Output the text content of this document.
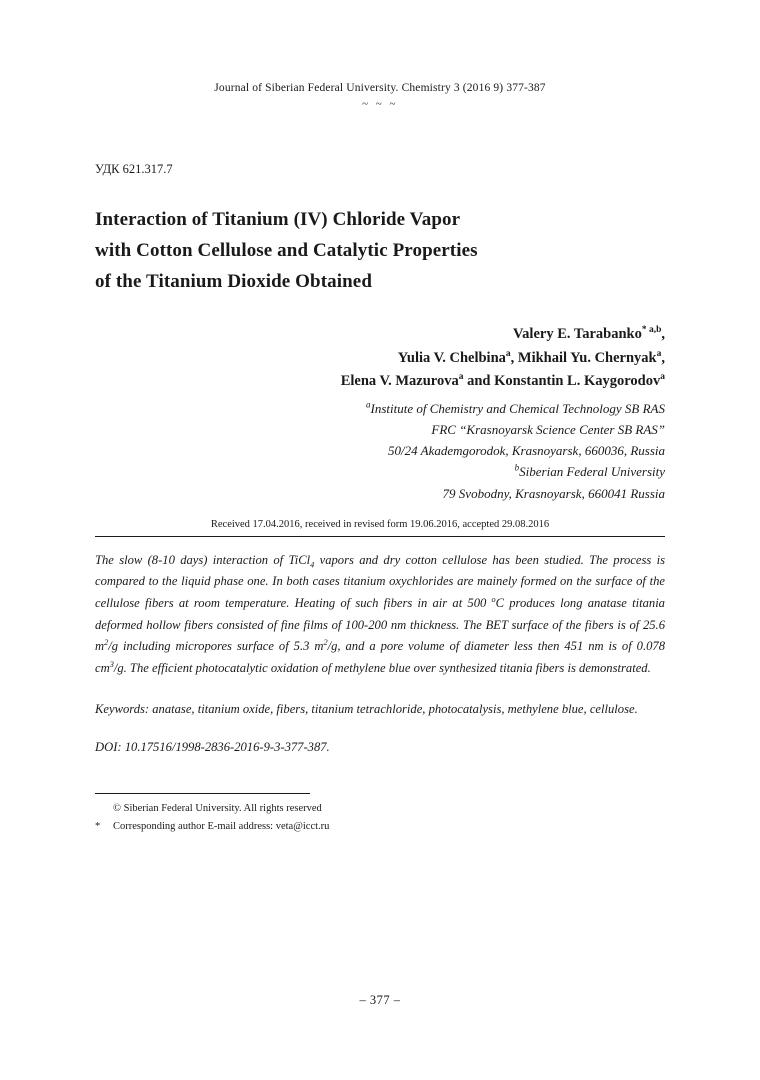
Journal of Siberian Federal University. Chemistry 3 (2016 9) 377-387
~ ~ ~
УДК 621.317.7
Interaction of Titanium (IV) Chloride Vapor
with Cotton Cellulose and Catalytic Properties
of the Titanium Dioxide Obtained
Valery E. Tarabanko$^{* a,b}$,
Yulia V. Chelbina$^a$, Mikhail Yu. Chernyak$^a$,
Elena V. Mazurova$^a$ and Konstantin L. Kaygorodov$^a$
$^a$Institute of Chemistry and Chemical Technology SB RAS
FRC “Krasnoyarsk Science Center SB RAS”
50/24 Akademgorodok, Krasnoyarsk, 660036, Russia
$^b$Siberian Federal University
79 Svobodny, Krasnoyarsk, 660041 Russia
Received 17.04.2016, received in revised form 19.06.2016, accepted 29.08.2016
The slow (8-10 days) interaction of TiCl$_4$ vapors and dry cotton cellulose has been studied. The process is compared to the liquid phase one. In both cases titanium oxychlorides are mainely formed on the surface of the cellulose fibers at room temperature. Heating of such fibers in air at 500 $^o$C produces long anatase titania deformed hollow fibers consisted of fine films of 100-200 nm thickness. The BET surface of the fibers is of 25.6 $m^2/g$ including micropores surface of 5.3 $m^2/g$, and a pore volume of diameter less then 451 nm is of 0.078 $cm^3/g$. The efficient photocatalytic oxidation of methylene blue over synthesized titania fibers is demonstrated.
Keywords: anatase, titanium oxide, fibers, titanium tetrachloride, photocatalysis, methylene blue, cellulose.
DOI: 10.17516/1998-2836-2016-9-3-377-387.
© Siberian Federal University. All rights reserved
* Corresponding author E-mail address: veta@icct.ru
– 377 –
